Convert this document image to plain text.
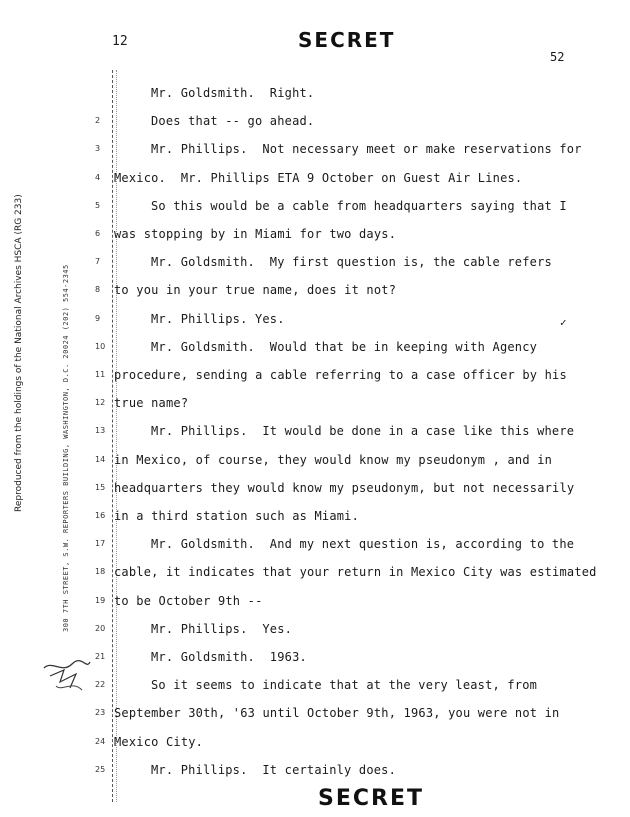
12	SECRET
52
Reproduced from the holdings of the National Archives HSCA (RG 233)	300 7TH STREET, S.W. REPORTERS BUILDING, WASHINGTON, D.C. 20024 (202) 554-2345
Mr. Goldsmith.  Right.
2	Does that -- go ahead.
3	Mr. Phillips.  Not necessary meet or make reservations for
4 Mexico.  Mr. Phillips ETA 9 October on Guest Air Lines.
5	So this would be a cable from headquarters saying that I
6 was stopping by in Miami for two days.
7	Mr. Goldsmith.  My first question is, the cable refers
8 to you in your true name, does it not?
9	Mr. Phillips. Yes.
10	Mr. Goldsmith.  Would that be in keeping with Agency
11 procedure, sending a cable referring to a case officer by his
12 true name?
13	Mr. Phillips.  It would be done in a case like this where
14 in Mexico, of course, they would know my pseudonym , and in
15 headquarters they would know my pseudonym, but not necessarily
16 in a third station such as Miami.
17	Mr. Goldsmith.  And my next question is, according to the
18 cable, it indicates that your return in Mexico City was estimated
19 to be October 9th --
20	Mr. Phillips.  Yes.
21	Mr. Goldsmith.  1963.
22	So it seems to indicate that at the very least, from
23 September 30th, '63 until October 9th, 1963, you were not in
24 Mexico City.
25	Mr. Phillips.  It certainly does.
✓
SECRET
